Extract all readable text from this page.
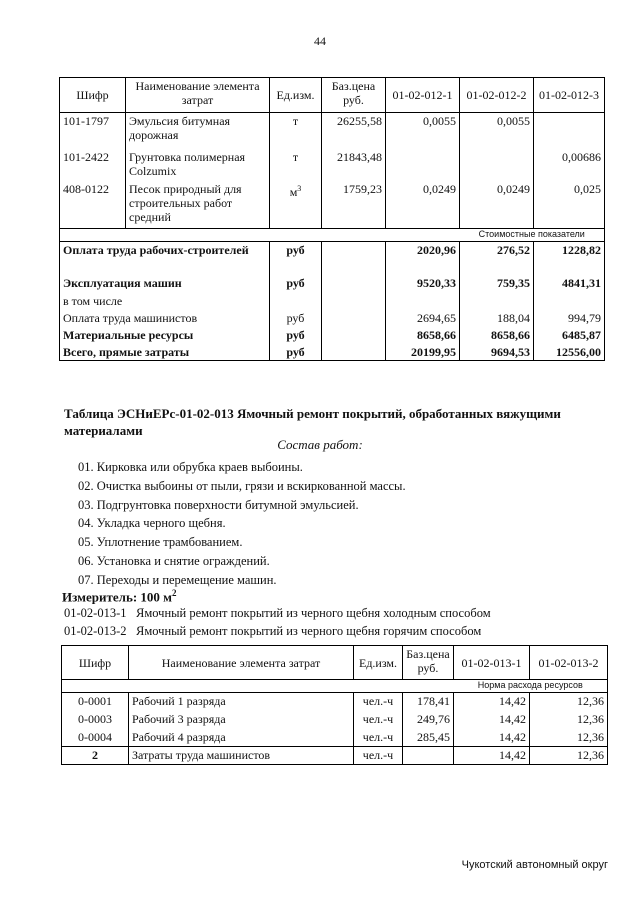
44
Шифр	Наименование элемента затрат	Ед.изм.	Баз.цена руб.	01-02-012-1	01-02-012-2	01-02-012-3
101-1797	Эмульсия битумная дорожная	т	26255,58	0,0055	0,0055	
101-2422	Грунтовка полимерная Colzumix	т	21843,48			0,00686
408-0122	Песок природный для строительных работ средний	$м^3$	1759,23	0,0249	0,0249	0,025
					Стоимостные показатели	
Оплата труда рабочих-строителей		руб		2020,96	276,52	1228,82
Эксплуатация машин		руб		9520,33	759,35	4841,31
в том числе						
Оплата труда машинистов		руб		2694,65	188,04	994,79
Материальные ресурсы		руб		8658,66	8658,66	6485,87
Всего, прямые затраты		руб		20199,95	9694,53	12556,00
Таблица ЭСНиЕРс-01-02-013 Ямочный ремонт покрытий, обработанных вяжущими материалами
Состав работ:
01. Кирковка или обрубка краев выбоины.
02. Очистка выбоины от пыли, грязи и вскиркованной массы.
03. Подгрунтовка поверхности битумной эмульсией.
04. Укладка черного щебня.
05. Уплотнение трамбованием.
06. Установка и снятие ограждений.
07. Переходы и перемещение машин.
Измеритель: 100 $м^2$
01-02-013-1 Ямочный ремонт покрытий из черного щебня холодным способом
01-02-013-2 Ямочный ремонт покрытий из черного щебня горячим способом
Шифр	Наименование элемента затрат	Ед.изм.	Баз.цена руб.	01-02-013-1	01-02-013-2
				Норма расхода ресурсов	
0-0001	Рабочий 1 разряда	чел.-ч	178,41	14,42	12,36
0-0003	Рабочий 3 разряда	чел.-ч	249,76	14,42	12,36
0-0004	Рабочий 4 разряда	чел.-ч	285,45	14,42	12,36
2	Затраты труда машинистов	чел.-ч		14,42	12,36
Чукотский автономный округ
